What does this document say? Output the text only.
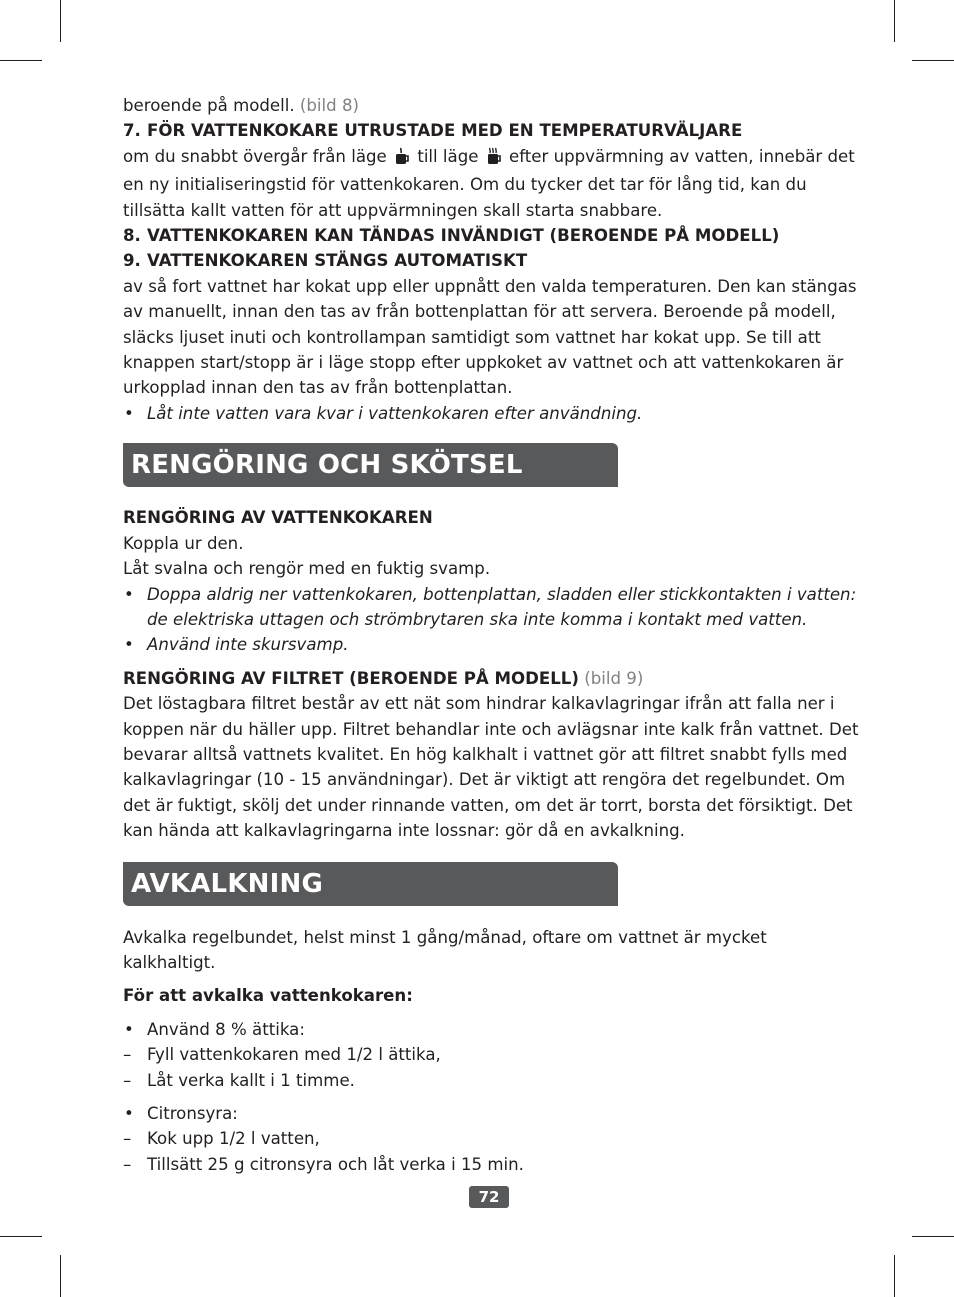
beroende på modell. (bild 8)

7. FÖR VATTENKOKARE UTRUSTADE MED EN TEMPERATURVÄLJARE

om du snabbt övergår från läge till läge efter uppvärmning av vatten, innebär det en ny initialiseringstid för vattenkokaren. Om du tycker det tar för lång tid, kan du tillsätta kallt vatten för att uppvärmningen skall starta snabbare.

8. VATTENKOKAREN KAN TÄNDAS INVÄNDIGT (BEROENDE PÅ MODELL)

9. VATTENKOKAREN STÄNGS AUTOMATISKT

av så fort vattnet har kokat upp eller uppnått den valda temperaturen. Den kan stängas av manuellt, innan den tas av från bottenplattan för att servera. Beroende på modell, släcks ljuset inuti och kontrollampan samtidigt som vattnet har kokat upp. Se till att knappen start/stopp är i läge stopp efter uppkoket av vattnet och att vattenkokaren är urkopplad innan den tas av från bottenplattan.

• Låt inte vatten vara kvar i vattenkokaren efter användning.
RENGÖRING OCH SKÖTSEL

RENGÖRING AV VATTENKOKAREN

Koppla ur den.

Låt svalna och rengör med en fuktig svamp.

• Doppa aldrig ner vattenkokaren, bottenplattan, sladden eller stickkontakten i vatten: de elektriska uttagen och strömbrytaren ska inte komma i kontakt med vatten.
• Använd inte skursvamp.

RENGÖRING AV FILTRET (BEROENDE PÅ MODELL) (bild 9)

Det löstagbara filtret består av ett nät som hindrar kalkavlagringar ifrån att falla ner i koppen när du häller upp. Filtret behandlar inte och avlägsnar inte kalk från vattnet. Det bevarar alltså vattnets kvalitet. En hög kalkhalt i vattnet gör att filtret snabbt fylls med kalkavlagringar (10 - 15 användningar). Det är viktigt att rengöra det regelbundet. Om det är fuktigt, skölj det under rinnande vatten, om det är torrt, borsta det försiktigt. Det kan hända att kalkavlagringarna inte lossnar: gör då en avkalkning.

AVKALKNING

Avkalka regelbundet, helst minst 1 gång/månad, oftare om vattnet är mycket kalkhaltigt.

För att avkalka vattenkokaren:

• Använd 8 % ättika:
– Fyll vattenkokaren med 1/2 l ättika,
– Låt verka kallt i 1 timme.
• Citronsyra:
– Kok upp 1/2 l vatten,
– Tillsätt 25 g citronsyra och låt verka i 15 min.
72
